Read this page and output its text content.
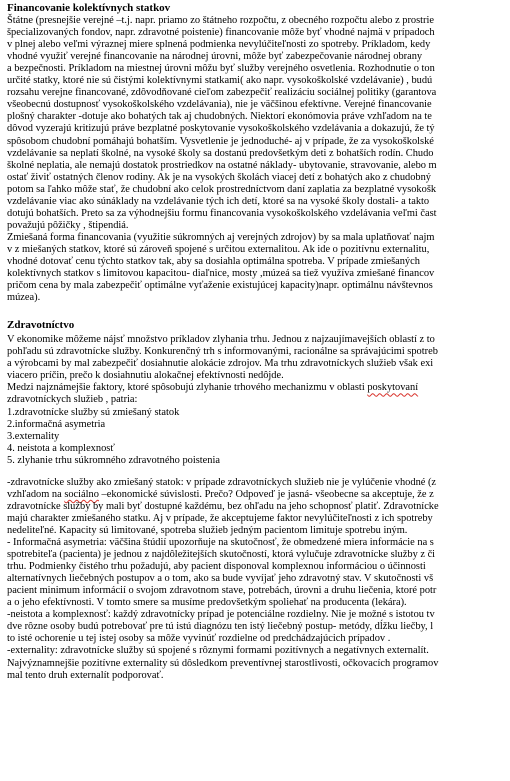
Financovanie kolektívnych statkov
Štátne (presnejšie verejné –t.j. napr. priamo zo štátneho rozpočtu, z obecného rozpočtu alebo z prostrie
špecializovaných fondov, napr. zdravotné poistenie) financovanie môže byť vhodné najmä v prípadoch
v plnej alebo veľmi výraznej miere splnená podmienka nevylúčiteľnosti zo spotreby. Príkladom, kedy
vhodné využiť verejné financovanie na národnej úrovni, môže byť zabezpečovanie národnej obrany
a bezpečnosti. Príkladom na miestnej úrovni môžu byť služby verejného osvetlenia. Rozhodnutie o ton
určité statky, ktoré nie sú čistými kolektívnymi statkami( ako napr. vysokoškolské vzdelávanie) , budú
rozsahu verejne financované, zdôvodňované cieľom zabezpečiť realizáciu sociálnej politiky (garantova
všeobecnú dostupnosť vysokoškolského vzdelávania), nie je väčšinou efektívne. Verejné financovanie
plošný charakter -dotuje ako bohatých tak aj chudobných. Niektorí ekonómovia práve vzhľadom na te
dôvod vyzerajú kritizujú práve bezplatné poskytovanie vysokoškolského vzdelávania a dokazujú, že tý
spôsobom chudobní pomáhajú bohatším. Vysvetlenie je jednoduché- aj v prípade, že za vysokoškolské
vzdelávanie sa neplatí školné, na vysoké školy sa dostanú predovšetkým deti z bohatších rodín. Chudo
školné neplatia, ale nemajú dostatok prostriedkov na ostatné náklady- ubytovanie, stravovanie, alebo m
ostať živiť ostatných členov rodiny. Ak je na vysokých školách viacej detí z bohatých ako z chudobný
potom sa ľahko môže stať, že chudobní ako celok prostredníctvom daní zaplatia za bezplatné vysokošk
vzdelávanie viac ako súnáklady na vzdelávanie tých ich detí, ktoré sa na vysoké školy dostali- a takto
dotujú bohatších. Preto sa za výhodnejšiu formu financovania vysokoškolského vzdelávania veľmi čast
považujú pôžičky , štipendiá.
Zmiešaná forma financovania (využitie súkromných aj verejných zdrojov) by sa mala uplatňovať najm
v z miešaných statkov, ktoré sú zároveň spojené s určitou externalitou. Ak ide o pozitívnu externalitu,
vhodné dotovať cenu týchto statkov tak, aby sa dosiahla optimálna spotreba. V prípade zmiešaných
kolektívnych statkov s limitovou kapacitou- diaľnice, mosty ,múzeá sa tiež využíva zmiešané financov
pričom cena by mala zabezpečiť optimálne vyťaženie existujúcej kapacity)napr. optimálnu návštevnos
múzea).
Zdravotníctvo
V ekonomike môžeme nájsť množstvo príkladov zlyhania trhu. Jednou z najzaujímavejších oblastí z to
pohľadu sú zdravotnícke služby. Konkurenčný trh s informovanými, racionálne sa správajúcimi spotreb
a výrobcami by mal zabezpečiť dosiahnutie alokácie zdrojov. Ma trhu zdravotníckych služieb však exi
viacero príčin, prečo k dosiahnutiu alokačnej efektívnosti nedôjde.
Medzi najznámejšie faktory, ktoré spôsobujú zlyhanie trhového mechanizmu v oblasti poskytovaní
zdravotníckych služieb , patria:
1.zdravotnícke služby sú zmiešaný statok
2.informačná asymetria
3.externality
4. neistota a komplexnosť
5. zlyhanie trhu súkromného zdravotného poistenia
-zdravotnícke služby ako zmiešaný statok: v prípade zdravotníckych služieb nie je vylúčenie vhodné (z
vzhľadom na sociálno –ekonomické súvislosti. Prečo? Odpoveď je jasná- všeobecne sa akceptuje, že z
zdravotnícke služby by mali byť dostupné každému, bez ohľadu na jeho schopnosť platiť. Zdravotnícke
majú charakter zmiešaného statku. Aj v prípade, že akceptujeme faktor nevylúčiteľnosti z ich spotreby
nedeliteľné. Kapacity sú limitované, spotreba služieb jedným pacientom limituje spotrebu iným.
- Informačná asymetria: väčšina štúdií upozorňuje na skutočnosť, že obmedzené miera informácie na s
spotrebiteľa (pacienta) je jednou z najdôležitejších skutočností, ktorá vylučuje zdravotnícke služby z či
trhu. Podmienky čistého trhu požadujú, aby pacient disponoval komplexnou informáciou o účinnosti
alternatívnych liečebných postupov a o tom, ako sa bude vyvíjať jeho zdravotný stav. V skutočnosti vš
pacient minimum informácií o svojom zdravotnom stave, potrebách, úrovni a druhu liečenia, ktoré potr
a o jeho efektívnosti. V tomto smere sa musíme predovšetkým spoliehať na producenta (lekára).
-neistota a komplexnosť: každý zdravotnícky prípad je potenciálne rozdielny. Nie je možné s istotou tv
dve rôzne osoby budú potrebovať pre tú istú diagnózu ten istý liečebný postup- metódy, dĺžku liečby, l
to isté ochorenie u tej istej osoby sa môže vyvinúť rozdielne od predchádzajúcich prípadov .
-externality: zdravotnícke služby sú spojené s rôznymi formami pozitívnych a negatívnych externalít.
Najvýznamnejšie pozitívne externality sú dôsledkom preventívnej starostlivosti, očkovacích programov
mal tento druh externalít podporovať.
